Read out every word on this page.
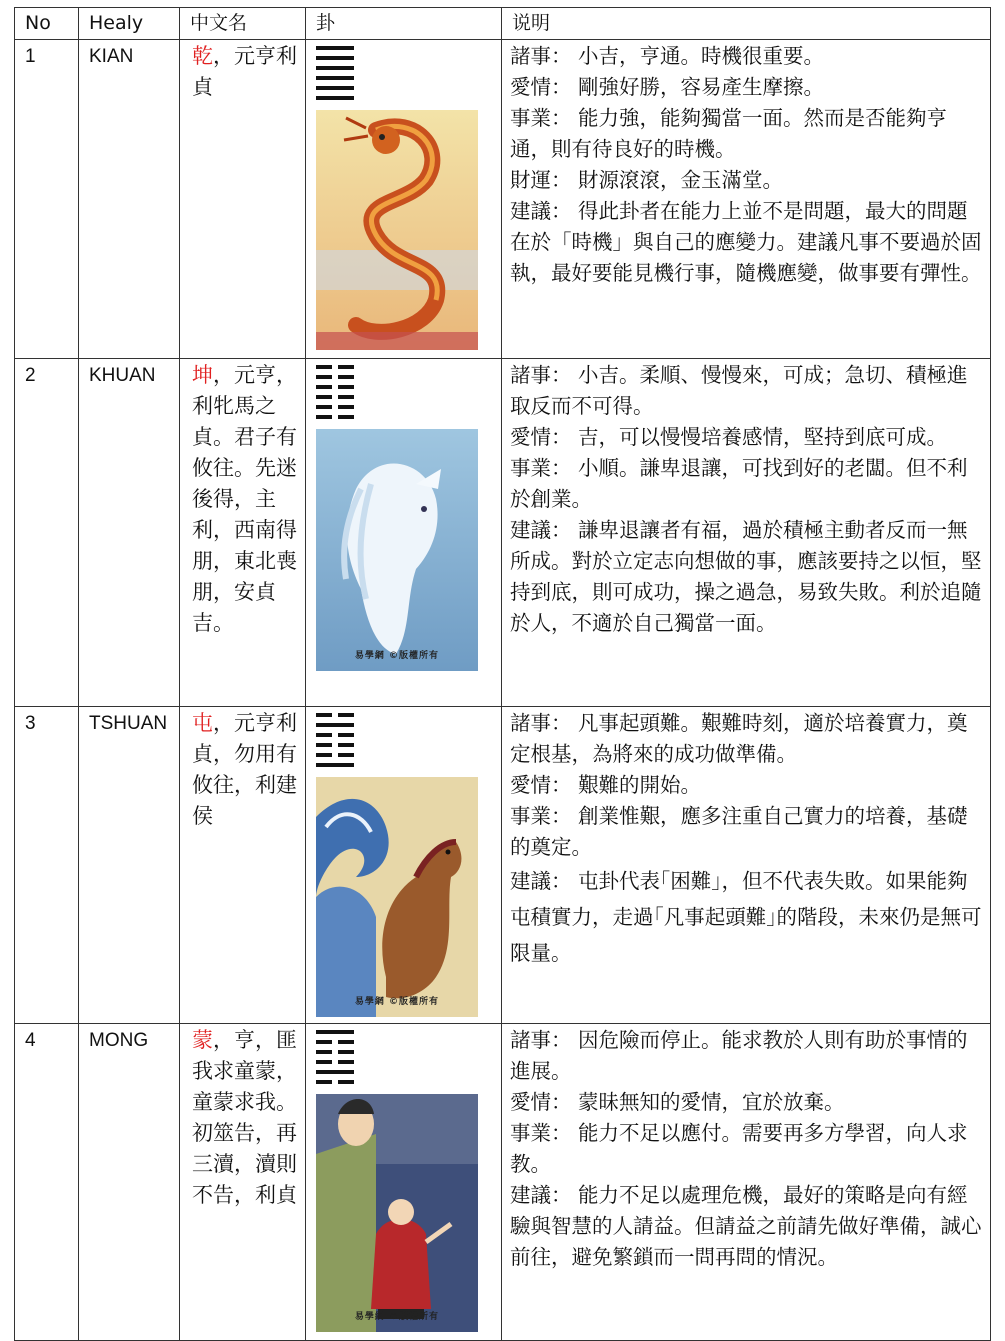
No	Healy	中文名	卦	说明
1	KIAN	乾，元亨利貞		諸事： 小吉，亨通。時機很重要。
愛情： 剛強好勝，容易產生摩擦。
事業： 能力強，能夠獨當一面。然而是否能夠亨通，則有待良好的時機。
財運： 財源滾滾，金玉滿堂。
建議： 得此卦者在能力上並不是問題，最大的問題在於「時機」與自己的應變力。建議凡事不要過於固執，最好要能見機行事，隨機應變，做事要有彈性。

2	KHUAN	坤，元亨，利牝馬之貞。君子有攸往。先迷後得，主利，西南得朋，東北喪朋，安貞吉。	易學網 ©版權所有	諸事： 小吉。柔順、慢慢來，可成；急切、積極進取反而不可得。
愛情： 吉，可以慢慢培養感情，堅持到底可成。
事業： 小順。謙卑退讓，可找到好的老闆。但不利於創業。
建議： 謙卑退讓者有福，過於積極主動者反而一無所成。對於立定志向想做的事，應該要持之以恒，堅持到底，則可成功，操之過急，易致失敗。利於追隨於人，不適於自己獨當一面。

3	TSHUAN	屯，元亨利貞，勿用有攸往，利建侯	易學網 ©版權所有	諸事： 凡事起頭難。艱難時刻，適於培養實力，奠定根基，為將來的成功做準備。
愛情： 艱難的開始。
事業： 創業惟艱，應多注重自己實力的培養，基礎的奠定。
建議： 屯卦代表｢困難｣，但不代表失敗。如果能夠屯積實力，走過｢凡事起頭難｣的階段，未來仍是無可限量。

4	MONG	蒙，亨，匪我求童蒙，童蒙求我。初筮告，再三瀆，瀆則不告，利貞	易學網 ©版權所有	諸事： 因危險而停止。能求教於人則有助於事情的進展。
愛情： 蒙昧無知的愛情，宜於放棄。
事業： 能力不足以應付。需要再多方學習，向人求教。
建議： 能力不足以處理危機，最好的策略是向有經驗與智慧的人請益。但請益之前請先做好準備，誠心前往，避免繁鎖而一問再問的情況。
